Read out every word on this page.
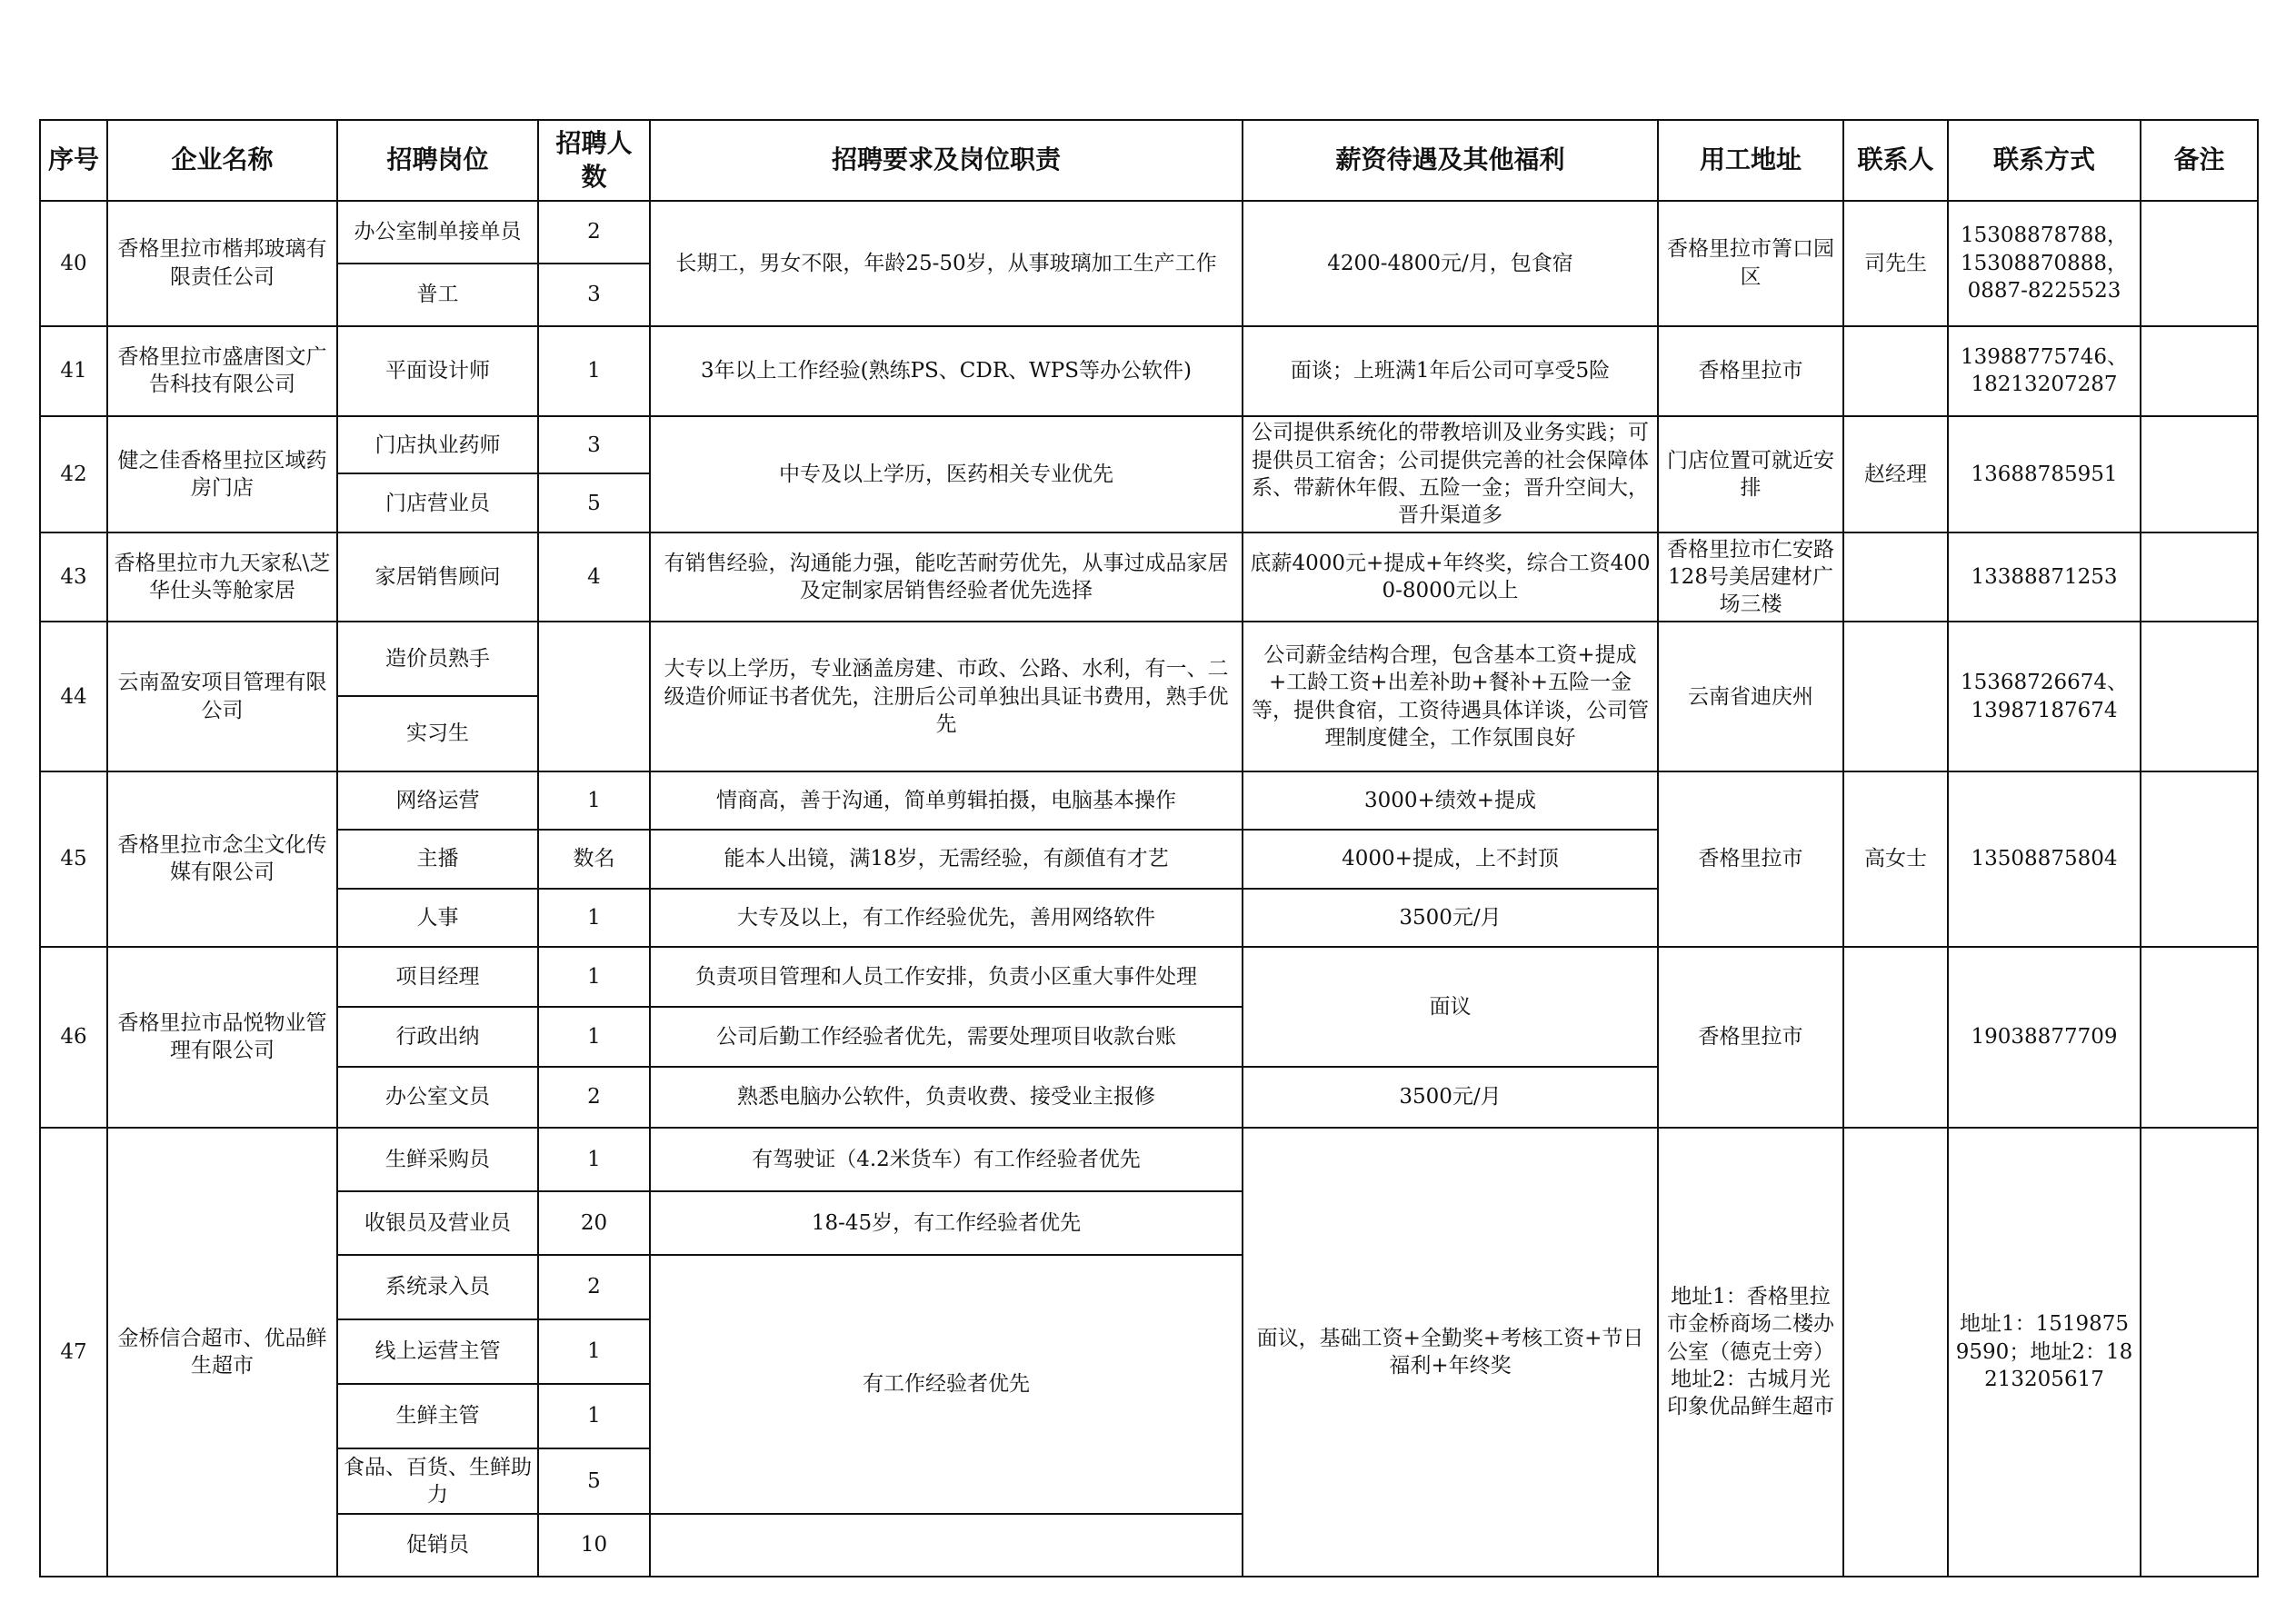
序号	企业名称	招聘岗位	招聘人数	招聘要求及岗位职责	薪资待遇及其他福利	用工地址	联系人	联系方式	备注
40	香格里拉市楷邦玻璃有限责任公司	办公室制单接单员	2	长期工，男女不限，年龄25-50岁，从事玻璃加工生产工作	4200-4800元/月，包食宿	香格里拉市箐口园区	司先生	15308878788，15308870888，0887-8225523	
		普工	3						
41	香格里拉市盛唐图文广告科技有限公司	平面设计师	1	3年以上工作经验(熟练PS、CDR、WPS等办公软件)	面谈；上班满1年后公司可享受5险	香格里拉市		13988775746、18213207287	
42	健之佳香格里拉区域药房门店	门店执业药师	3	中专及以上学历，医药相关专业优先	公司提供系统化的带教培训及业务实践；可提供员工宿舍；公司提供完善的社会保障体系、带薪休年假、五险一金；晋升空间大，晋升渠道多	门店位置可就近安排	赵经理	13688785951	
		门店营业员	5						
43	香格里拉市九天家私\芝华仕头等舱家居	家居销售顾问	4	有销售经验，沟通能力强，能吃苦耐劳优先，从事过成品家居及定制家居销售经验者优先选择	底薪4000元+提成+年终奖，综合工资4000-8000元以上	香格里拉市仁安路128号美居建材广场三楼		13388871253	
44	云南盈安项目管理有限公司	造价员熟手		大专以上学历，专业涵盖房建、市政、公路、水利，有一、二级造价师证书者优先，注册后公司单独出具证书费用，熟手优先	公司薪金结构合理，包含基本工资+提成+工龄工资+出差补助+餐补+五险一金等，提供食宿，工资待遇具体详谈，公司管理制度健全，工作氛围良好	云南省迪庆州		15368726674、13987187674	
		实习生							
45	香格里拉市念尘文化传媒有限公司	网络运营	1	情商高，善于沟通，简单剪辑拍摄，电脑基本操作	3000+绩效+提成	香格里拉市	高女士	13508875804	
		主播	数名	能本人出镜，满18岁，无需经验，有颜值有才艺	4000+提成，上不封顶				
		人事	1	大专及以上，有工作经验优先，善用网络软件	3500元/月				
46	香格里拉市品悦物业管理有限公司	项目经理	1	负责项目管理和人员工作安排，负责小区重大事件处理	面议	香格里拉市		19038877709	
		行政出纳	1	公司后勤工作经验者优先，需要处理项目收款台账					
		办公室文员	2	熟悉电脑办公软件，负责收费、接受业主报修	3500元/月				
47	金桥信合超市、优品鲜生超市	生鲜采购员	1	有驾驶证（4.2米货车）有工作经验者优先	面议，基础工资+全勤奖+考核工资+节日福利+年终奖	地址1：香格里拉市金桥商场二楼办公室（德克士旁）地址2：古城月光印象优品鲜生超市		地址1：15198759590；地址2：18213205617	
		收银员及营业员	20	18-45岁，有工作经验者优先					
		系统录入员	2	有工作经验者优先					
		线上运营主管	1						
		生鲜主管	1						
		食品、百货、生鲜助力	5						
		促销员	10						
